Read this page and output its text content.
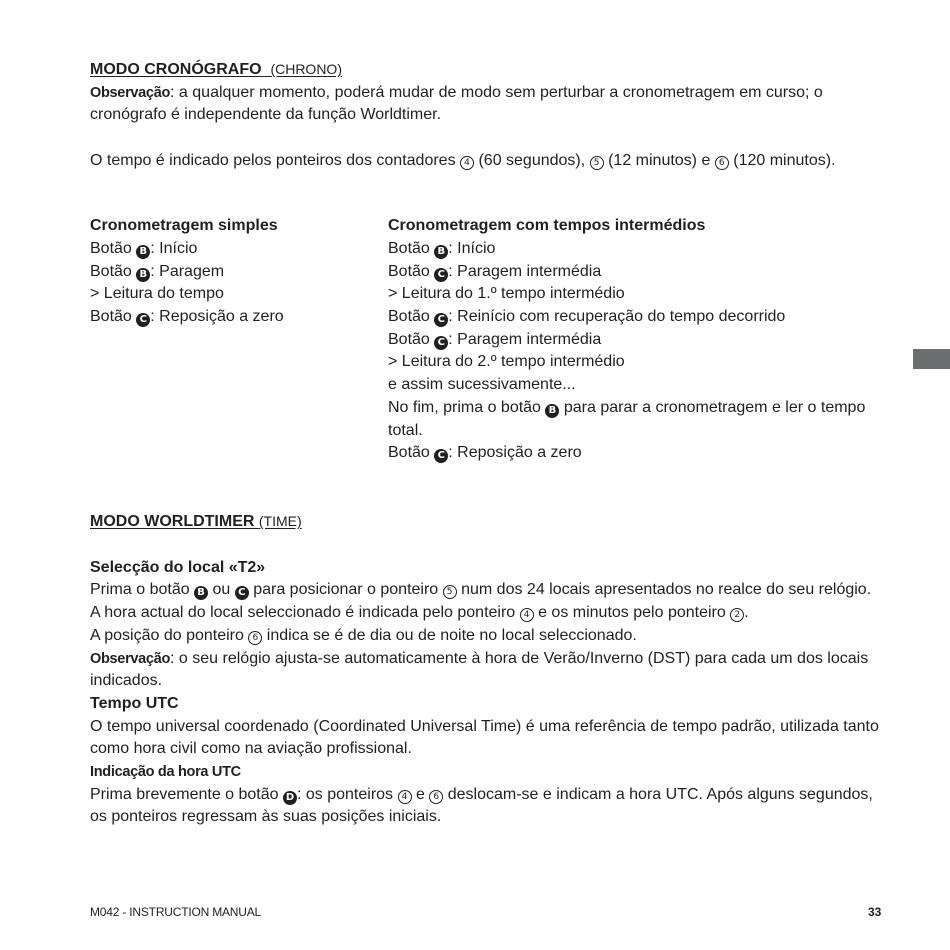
MODO CRONÓGRAFO (CHRONO)
Observação: a qualquer momento, poderá mudar de modo sem perturbar a cronometragem em curso; o cronógrafo é independente da função Worldtimer.
O tempo é indicado pelos ponteiros dos contadores 4 (60 segundos), 5 (12 minutos) e 6 (120 minutos).
Cronometragem simples
Botão B : Início
Botão B : Paragem
> Leitura do tempo
Botão C : Reposição a zero
Cronometragem com tempos intermédios
Botão B : Início
Botão C : Paragem intermédia
> Leitura do 1.º tempo intermédio
Botão C : Reinício com recuperação do tempo decorrido
Botão C : Paragem intermédia
> Leitura do 2.º tempo intermédio
e assim sucessivamente...
No fim, prima o botão B para parar a cronometragem e ler o tempo total.
Botão C : Reposição a zero
MODO WORLDTIMER (TIME)
Selecção do local «T2»
Prima o botão B ou C para posicionar o ponteiro 5 num dos 24 locais apresentados no realce do seu relógio.
A hora actual do local seleccionado é indicada pelo ponteiro 4 e os minutos pelo ponteiro 2 .
A posição do ponteiro 6 indica se é de dia ou de noite no local seleccionado.
Observação: o seu relógio ajusta-se automaticamente à hora de Verão/Inverno (DST) para cada um dos locais indicados.
Tempo UTC
O tempo universal coordenado (Coordinated Universal Time) é uma referência de tempo padrão, utilizada tanto como hora civil como na aviação profissional.
Indicação da hora UTC
Prima brevemente o botão D : os ponteiros 4 e 6 deslocam-se e indicam a hora UTC. Após alguns segundos, os ponteiros regressam às suas posições iniciais.
M042 - INSTRUCTION MANUAL	33
